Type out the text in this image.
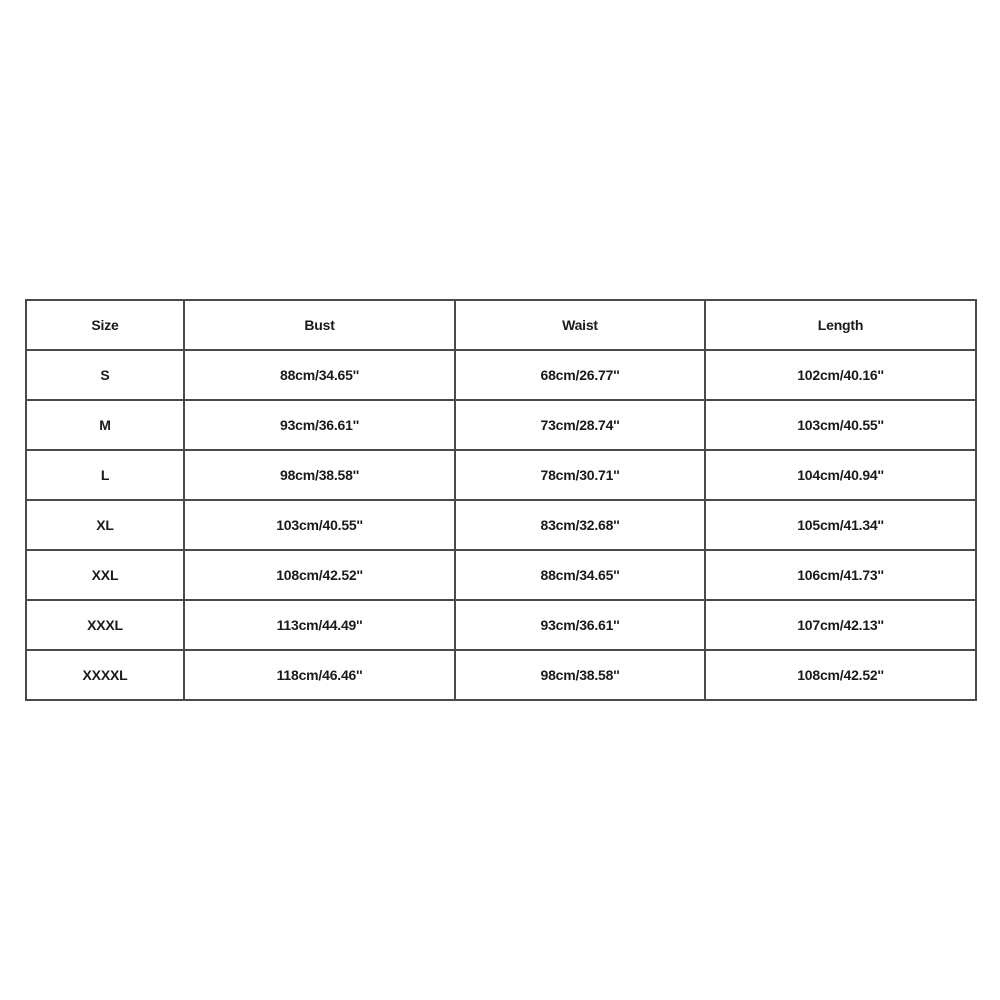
Size	Bust	Waist	Length
S	88cm/34.65''	68cm/26.77''	102cm/40.16''
M	93cm/36.61''	73cm/28.74''	103cm/40.55''
L	98cm/38.58''	78cm/30.71''	104cm/40.94''
XL	103cm/40.55''	83cm/32.68''	105cm/41.34''
XXL	108cm/42.52''	88cm/34.65''	106cm/41.73''
XXXL	113cm/44.49''	93cm/36.61''	107cm/42.13''
XXXXL	118cm/46.46''	98cm/38.58''	108cm/42.52''
